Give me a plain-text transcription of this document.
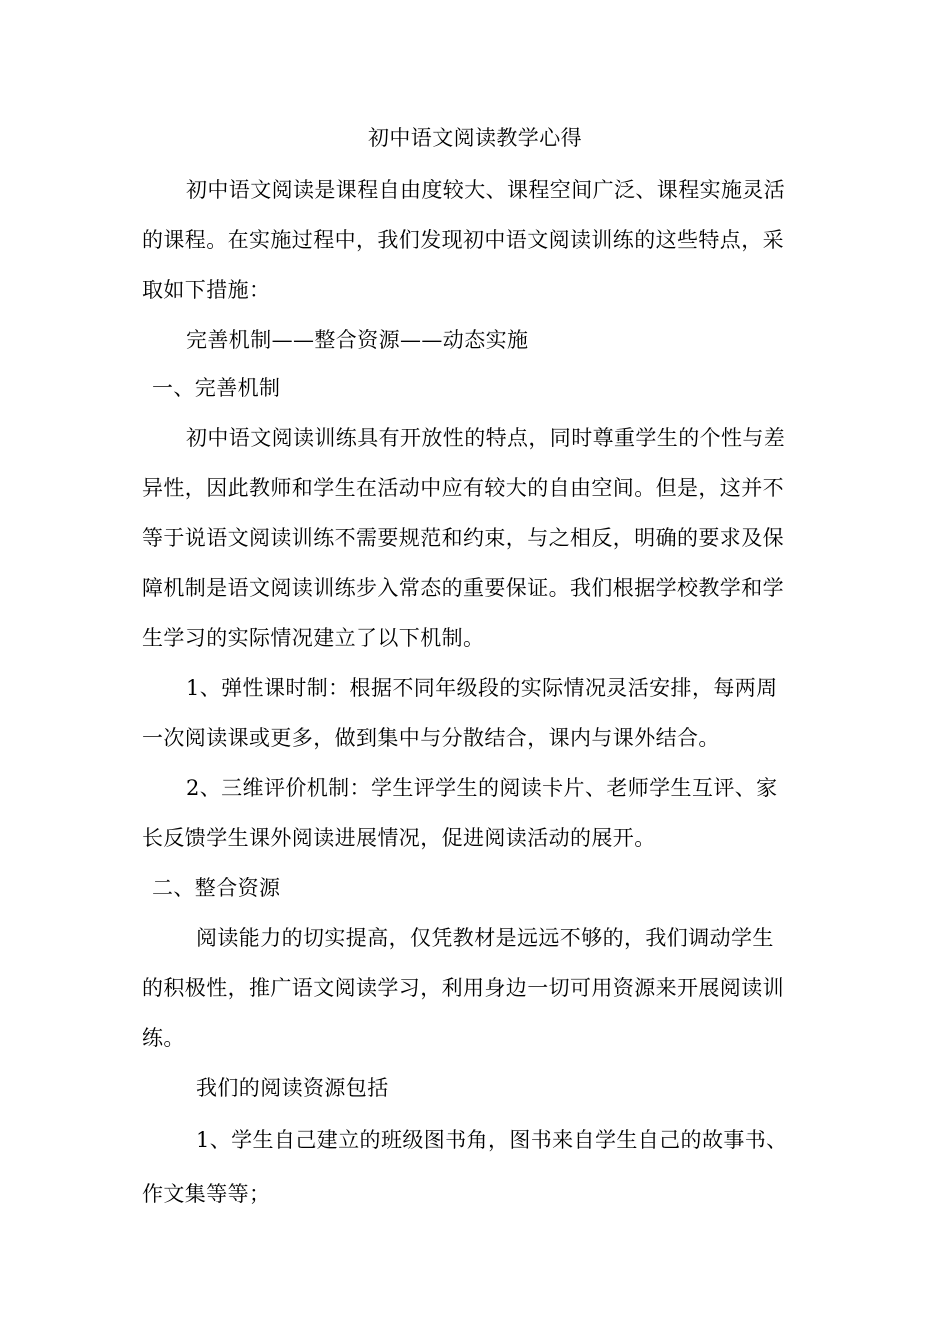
初中语文阅读教学心得
初中语文阅读是课程自由度较大、课程空间广泛、课程实施灵活
的课程。在实施过程中，我们发现初中语文阅读训练的这些特点，采
取如下措施：
完善机制——整合资源——动态实施
一、完善机制
初中语文阅读训练具有开放性的特点，同时尊重学生的个性与差
异性，因此教师和学生在活动中应有较大的自由空间。但是，这并不
等于说语文阅读训练不需要规范和约束，与之相反，明确的要求及保
障机制是语文阅读训练步入常态的重要保证。我们根据学校教学和学
生学习的实际情况建立了以下机制。
1、弹性课时制：根据不同年级段的实际情况灵活安排，每两周
一次阅读课或更多，做到集中与分散结合，课内与课外结合。
2、三维评价机制：学生评学生的阅读卡片、老师学生互评、家
长反馈学生课外阅读进展情况，促进阅读活动的展开。
二、整合资源
阅读能力的切实提高，仅凭教材是远远不够的，我们调动学生
的积极性，推广语文阅读学习，利用身边一切可用资源来开展阅读训
练。
我们的阅读资源包括
1、学生自己建立的班级图书角，图书来自学生自己的故事书、
作文集等等；
